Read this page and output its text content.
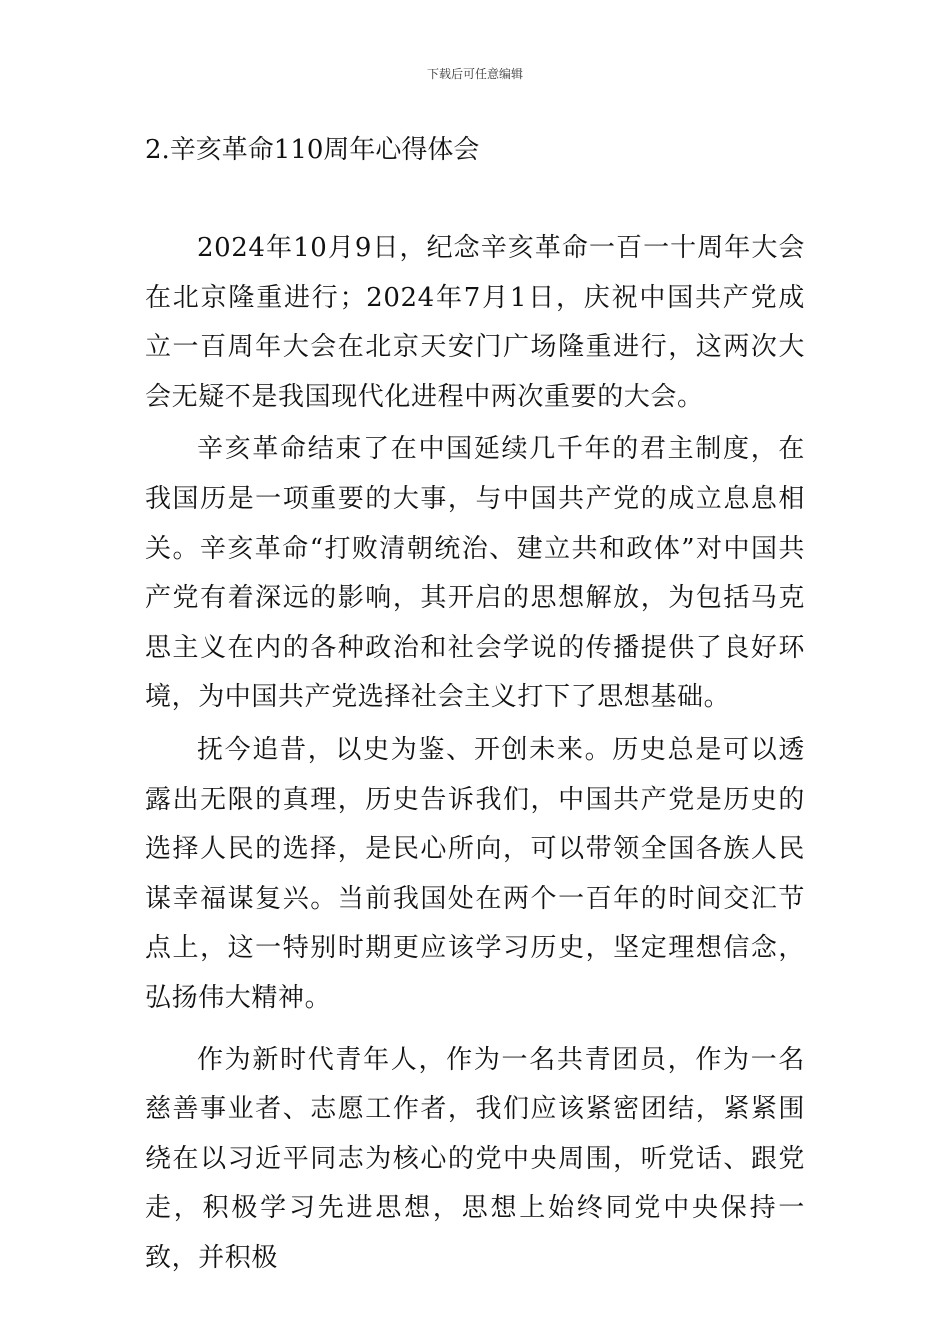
下载后可任意编辑
2.辛亥革命110周年心得体会

2024年10月9日，纪念辛亥革命一百一十周年大会在北京隆重进行；2024年7月1日，庆祝中国共产党成立一百周年大会在北京天安门广场隆重进行，这两次大会无疑不是我国现代化进程中两次重要的大会。

辛亥革命结束了在中国延续几千年的君主制度，在我国历是一项重要的大事，与中国共产党的成立息息相关。辛亥革命“打败清朝统治、建立共和政体”对中国共产党有着深远的影响，其开启的思想解放，为包括马克思主义在内的各种政治和社会学说的传播提供了良好环境，为中国共产党选择社会主义打下了思想基础。

抚今追昔，以史为鉴、开创未来。历史总是可以透露出无限的真理，历史告诉我们，中国共产党是历史的选择人民的选择，是民心所向，可以带领全国各族人民谋幸福谋复兴。当前我国处在两个一百年的时间交汇节点上，这一特别时期更应该学习历史，坚定理想信念，弘扬伟大精神。

作为新时代青年人，作为一名共青团员，作为一名慈善事业者、志愿工作者，我们应该紧密团结，紧紧围绕在以习近平同志为核心的党中央周围，听党话、跟党走，积极学习先进思想，思想上始终同党中央保持一致，并积极
